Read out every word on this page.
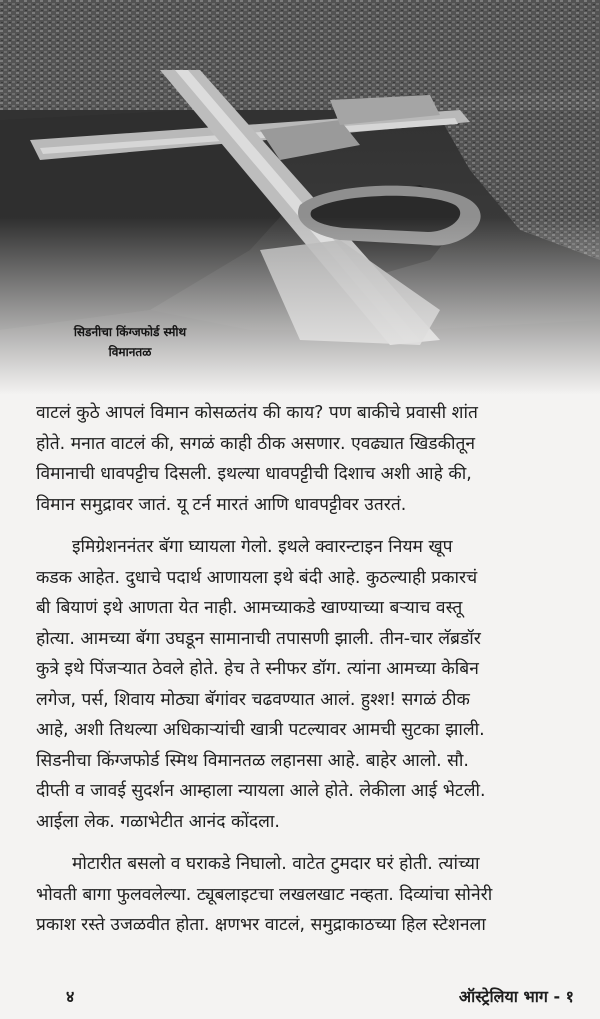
सिडनीचा किंग्जफोर्ड स्मीथ
विमानतळ
वाटलं कुठे आपलं विमान कोसळतंय की काय? पण बाकीचे प्रवासी शांत
होते. मनात वाटलं की, सगळं काही ठीक असणार. एवढ्यात खिडकीतून
विमानाची धावपट्टीच दिसली. इथल्या धावपट्टीची दिशाच अशी आहे की,
विमान समुद्रावर जातं. यू टर्न मारतं आणि धावपट्टीवर उतरतं.
इमिग्रेशननंतर बॅगा घ्यायला गेलो. इथले क्वारन्टाइन नियम खूप
कडक आहेत. दुधाचे पदार्थ आणायला इथे बंदी आहे. कुठल्याही प्रकारचं
बी बियाणं इथे आणता येत नाही. आमच्याकडे खाण्याच्या बऱ्याच वस्तू
होत्या. आमच्या बॅगा उघडून सामानाची तपासणी झाली. तीन-चार लॅब्रडॉर
कुत्रे इथे पिंजऱ्यात ठेवले होते. हेच ते स्नीफर डॉग. त्यांना आमच्या केबिन
लगेज, पर्स, शिवाय मोठ्या बॅगांवर चढवण्यात आलं. हुश्श! सगळं ठीक
आहे, अशी तिथल्या अधिकाऱ्यांची खात्री पटल्यावर आमची सुटका झाली.
सिडनीचा किंग्जफोर्ड स्मिथ विमानतळ लहानसा आहे. बाहेर आलो. सौ.
दीप्ती व जावई सुदर्शन आम्हाला न्यायला आले होते. लेकीला आई भेटली.
आईला लेक. गळाभेटीत आनंद कोंदला.
मोटारीत बसलो व घराकडे निघालो. वाटेत टुमदार घरं होती. त्यांच्या
भोवती बागा फुलवलेल्या. ट्यूबलाइटचा लखलखाट नव्हता. दिव्यांचा सोनेरी
प्रकाश रस्ते उजळवीत होता. क्षणभर वाटलं, समुद्राकाठच्या हिल स्टेशनला
४	ऑस्ट्रेलिया भाग - १
